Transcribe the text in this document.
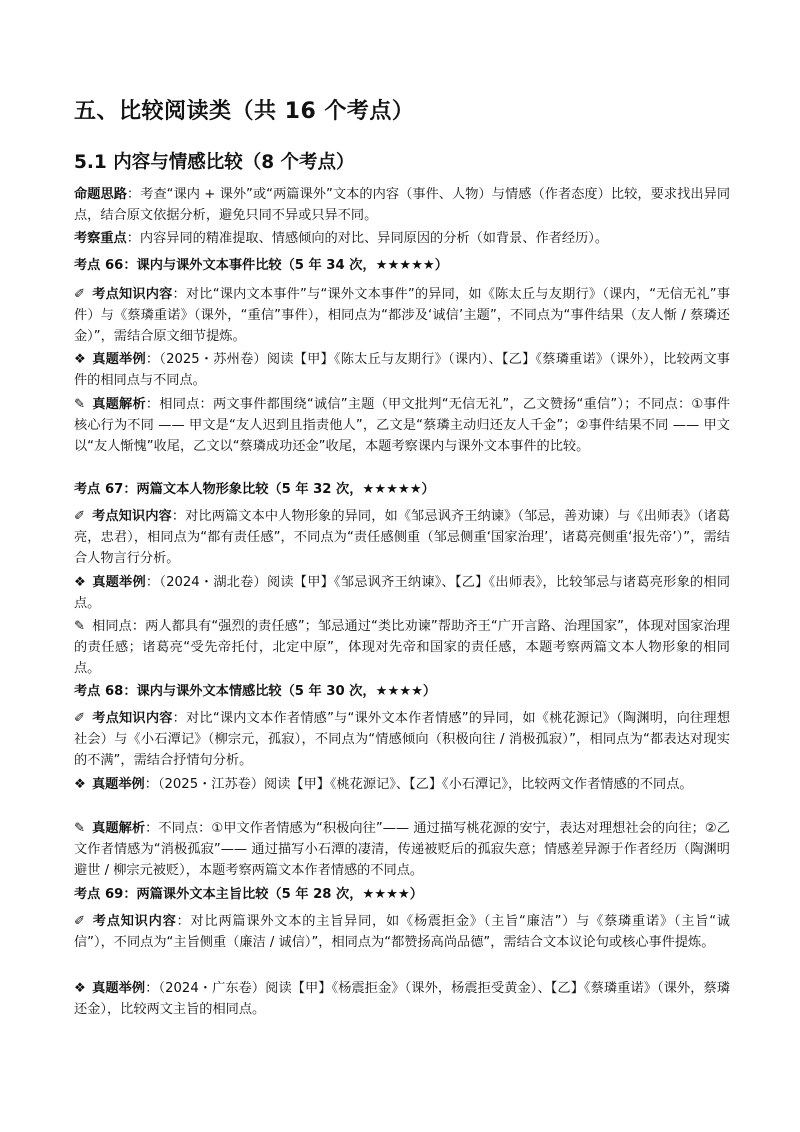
五、比较阅读类（共 16 个考点）
5.1 内容与情感比较（8 个考点）
命题思路：考查“课内 + 课外”或“两篇课外”文本的内容（事件、人物）与情感（作者态度）比较，要求找出异同点，结合原文依据分析，避免只同不异或只异不同。
考察重点：内容异同的精准提取、情感倾向的对比、异同原因的分析（如背景、作者经历）。
考点 66：课内与课外文本事件比较（5 年 34 次，★★★★★）
✐ 考点知识内容：对比“课内文本事件”与“课外文本事件”的异同，如《陈太丘与友期行》（课内，“无信无礼”事件）与《蔡璘重诺》（课外，“重信”事件），相同点为“都涉及‘诚信’主题”，不同点为“事件结果（友人惭 / 蔡璘还金）”，需结合原文细节提炼。
❖ 真题举例：（2025・苏州卷）阅读【甲】《陈太丘与友期行》（课内）、【乙】《蔡璘重诺》（课外），比较两文事件的相同点与不同点。
✎ 真题解析：相同点：两文事件都围绕“诚信”主题（甲文批判“无信无礼”，乙文赞扬“重信”）；不同点：①事件核心行为不同 —— 甲文是“友人迟到且指责他人”，乙文是“蔡璘主动归还友人千金”；②事件结果不同 —— 甲文以“友人惭愧”收尾，乙文以“蔡璘成功还金”收尾，本题考察课内与课外文本事件的比较。
考点 67：两篇文本人物形象比较（5 年 32 次，★★★★★）
✐ 考点知识内容：对比两篇文本中人物形象的异同，如《邹忌讽齐王纳谏》（邹忌，善劝谏）与《出师表》（诸葛亮，忠君），相同点为“都有责任感”，不同点为“责任感侧重（邹忌侧重‘国家治理’，诸葛亮侧重‘报先帝’）”，需结合人物言行分析。
❖ 真题举例：（2024・湖北卷）阅读【甲】《邹忌讽齐王纳谏》、【乙】《出师表》，比较邹忌与诸葛亮形象的相同点。
✎ 相同点：两人都具有“强烈的责任感”；邹忌通过“类比劝谏”帮助齐王“广开言路、治理国家”，体现对国家治理的责任感；诸葛亮“受先帝托付，北定中原”，体现对先帝和国家的责任感，本题考察两篇文本人物形象的相同点。
考点 68：课内与课外文本情感比较（5 年 30 次，★★★★）
✐ 考点知识内容：对比“课内文本作者情感”与“课外文本作者情感”的异同，如《桃花源记》（陶渊明，向往理想社会）与《小石潭记》（柳宗元，孤寂），不同点为“情感倾向（积极向往 / 消极孤寂）”，相同点为“都表达对现实的不满”，需结合抒情句分析。
❖ 真题举例：（2025・江苏卷）阅读【甲】《桃花源记》、【乙】《小石潭记》，比较两文作者情感的不同点。
✎ 真题解析：不同点：①甲文作者情感为“积极向往”—— 通过描写桃花源的安宁，表达对理想社会的向往；②乙文作者情感为“消极孤寂”—— 通过描写小石潭的凄清，传递被贬后的孤寂失意；情感差异源于作者经历（陶渊明避世 / 柳宗元被贬），本题考察两篇文本作者情感的不同点。
考点 69：两篇课外文本主旨比较（5 年 28 次，★★★★）
✐ 考点知识内容：对比两篇课外文本的主旨异同，如《杨震拒金》（主旨“廉洁”）与《蔡璘重诺》（主旨“诚信”），不同点为“主旨侧重（廉洁 / 诚信）”，相同点为“都赞扬高尚品德”，需结合文本议论句或核心事件提炼。
❖ 真题举例：（2024・广东卷）阅读【甲】《杨震拒金》（课外，杨震拒受黄金）、【乙】《蔡璘重诺》（课外，蔡璘还金），比较两文主旨的相同点。
